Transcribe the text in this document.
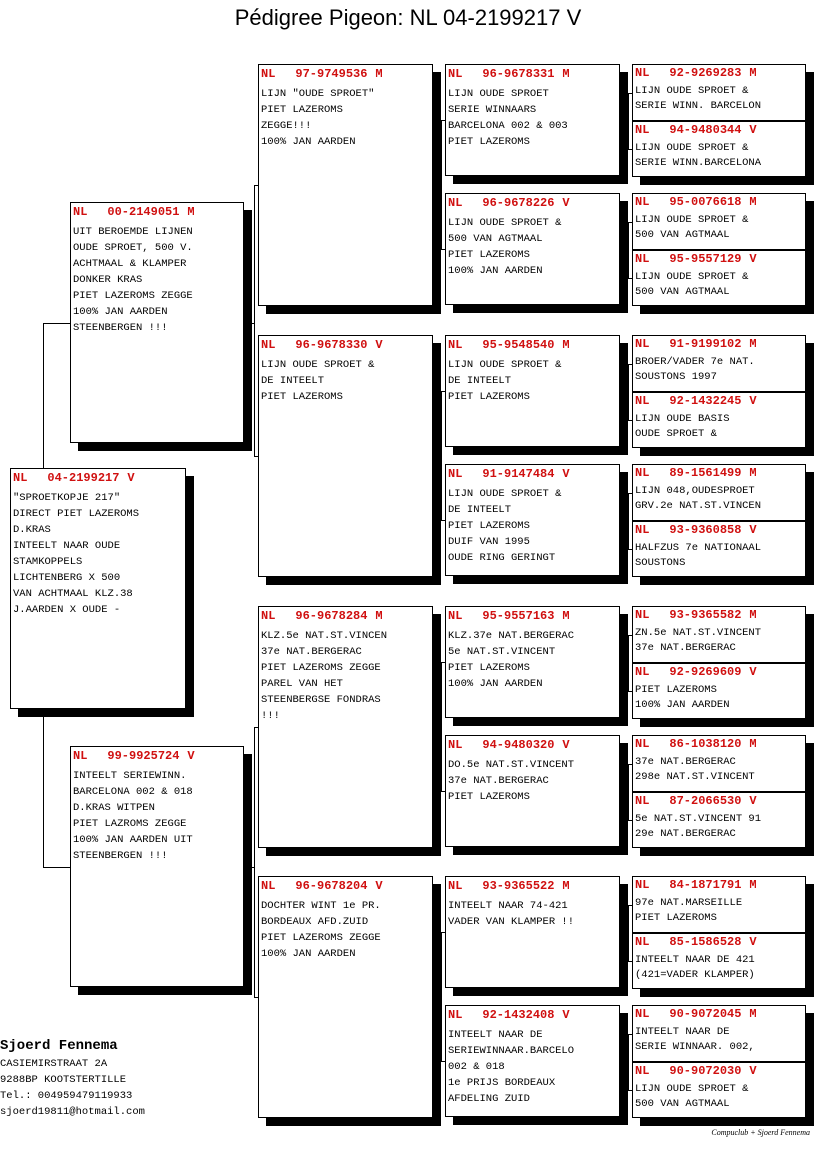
Pédigree Pigeon: NL 04-2199217 V
NL 04-2199217 V
"SPROETKOPJE 217"
DIRECT PIET LAZEROMS
D.KRAS
INTEELT NAAR OUDE
STAMKOPPELS
LICHTENBERG X 500
VAN ACHTMAAL KLZ.38
J.AARDEN X OUDE -
NL 00-2149051 M
UIT BEROEMDE LIJNEN
OUDE SPROET, 500 V.
ACHTMAAL & KLAMPER
DONKER KRAS
PIET LAZEROMS ZEGGE
100% JAN AARDEN
STEENBERGEN !!!
NL 99-9925724 V
INTEELT SERIEWINN.
BARCELONA 002 & 018
D.KRAS WITPEN
PIET LAZROMS ZEGGE
100% JAN AARDEN UIT
STEENBERGEN !!!
NL 97-9749536 M
LIJN "OUDE SPROET"
PIET LAZEROMS
ZEGGE!!!
100% JAN AARDEN
NL 96-9678330 V
LIJN OUDE SPROET &
DE INTEELT
PIET LAZEROMS
NL 96-9678284 M
KLZ.5e NAT.ST.VINCEN
37e NAT.BERGERAC
PIET LAZEROMS ZEGGE
PAREL VAN HET
STEENBERGSE FONDRAS
!!!
NL 96-9678204 V
DOCHTER WINT 1e PR.
BORDEAUX AFD.ZUID
PIET LAZEROMS ZEGGE
100% JAN AARDEN
NL 96-9678331 M
LIJN OUDE SPROET
SERIE WINNAARS
BARCELONA 002 & 003
PIET LAZEROMS
NL 96-9678226 V
LIJN OUDE SPROET &
500 VAN AGTMAAL
PIET LAZEROMS
100% JAN AARDEN
NL 95-9548540 M
LIJN OUDE SPROET &
DE INTEELT
PIET LAZEROMS
NL 91-9147484 V
LIJN OUDE SPROET &
DE INTEELT
PIET LAZEROMS
DUIF VAN 1995
OUDE RING GERINGT
NL 95-9557163 M
KLZ.37e NAT.BERGERAC
5e NAT.ST.VINCENT
PIET LAZEROMS
100% JAN AARDEN
NL 94-9480320 V
DO.5e NAT.ST.VINCENT
37e NAT.BERGERAC
PIET LAZEROMS
NL 93-9365522 M
INTEELT NAAR 74-421
VADER VAN KLAMPER !!
NL 92-1432408 V
INTEELT NAAR DE
SERIEWINNAAR.BARCELO
002 & 018
1e PRIJS BORDEAUX
AFDELING ZUID
NL 92-9269283 M
LIJN OUDE SPROET &
SERIE WINN. BARCELON
NL 94-9480344 V
LIJN OUDE SPROET &
SERIE WINN.BARCELONA
NL 95-0076618 M
LIJN OUDE SPROET &
500 VAN AGTMAAL
NL 95-9557129 V
LIJN OUDE SPROET &
500 VAN AGTMAAL
NL 91-9199102 M
BROER/VADER 7e NAT.
SOUSTONS 1997
NL 92-1432245 V
LIJN OUDE BASIS
OUDE SPROET &
NL 89-1561499 M
LIJN 048,OUDESPROET
GRV.2e NAT.ST.VINCEN
NL 93-9360858 V
HALFZUS 7e NATIONAAL
SOUSTONS
NL 93-9365582 M
ZN.5e NAT.ST.VINCENT
37e NAT.BERGERAC
NL 92-9269609 V
PIET LAZEROMS
100% JAN AARDEN
NL 86-1038120 M
37e NAT.BERGERAC
298e NAT.ST.VINCENT
NL 87-2066530 V
5e NAT.ST.VINCENT 91
29e NAT.BERGERAC
NL 84-1871791 M
97e NAT.MARSEILLE
PIET LAZEROMS
NL 85-1586528 V
INTEELT NAAR DE 421
(421=VADER KLAMPER)
NL 90-9072045 M
INTEELT NAAR DE
SERIE WINNAAR. 002,
NL 90-9072030 V
LIJN OUDE SPROET &
500 VAN AGTMAAL
Sjoerd Fennema
CASIEMIRSTRAAT 2A
9288BP KOOTSTERTILLE
Tel.: 004959479119933
sjoerd19811@hotmail.com
Compuclub + Sjoerd Fennema
